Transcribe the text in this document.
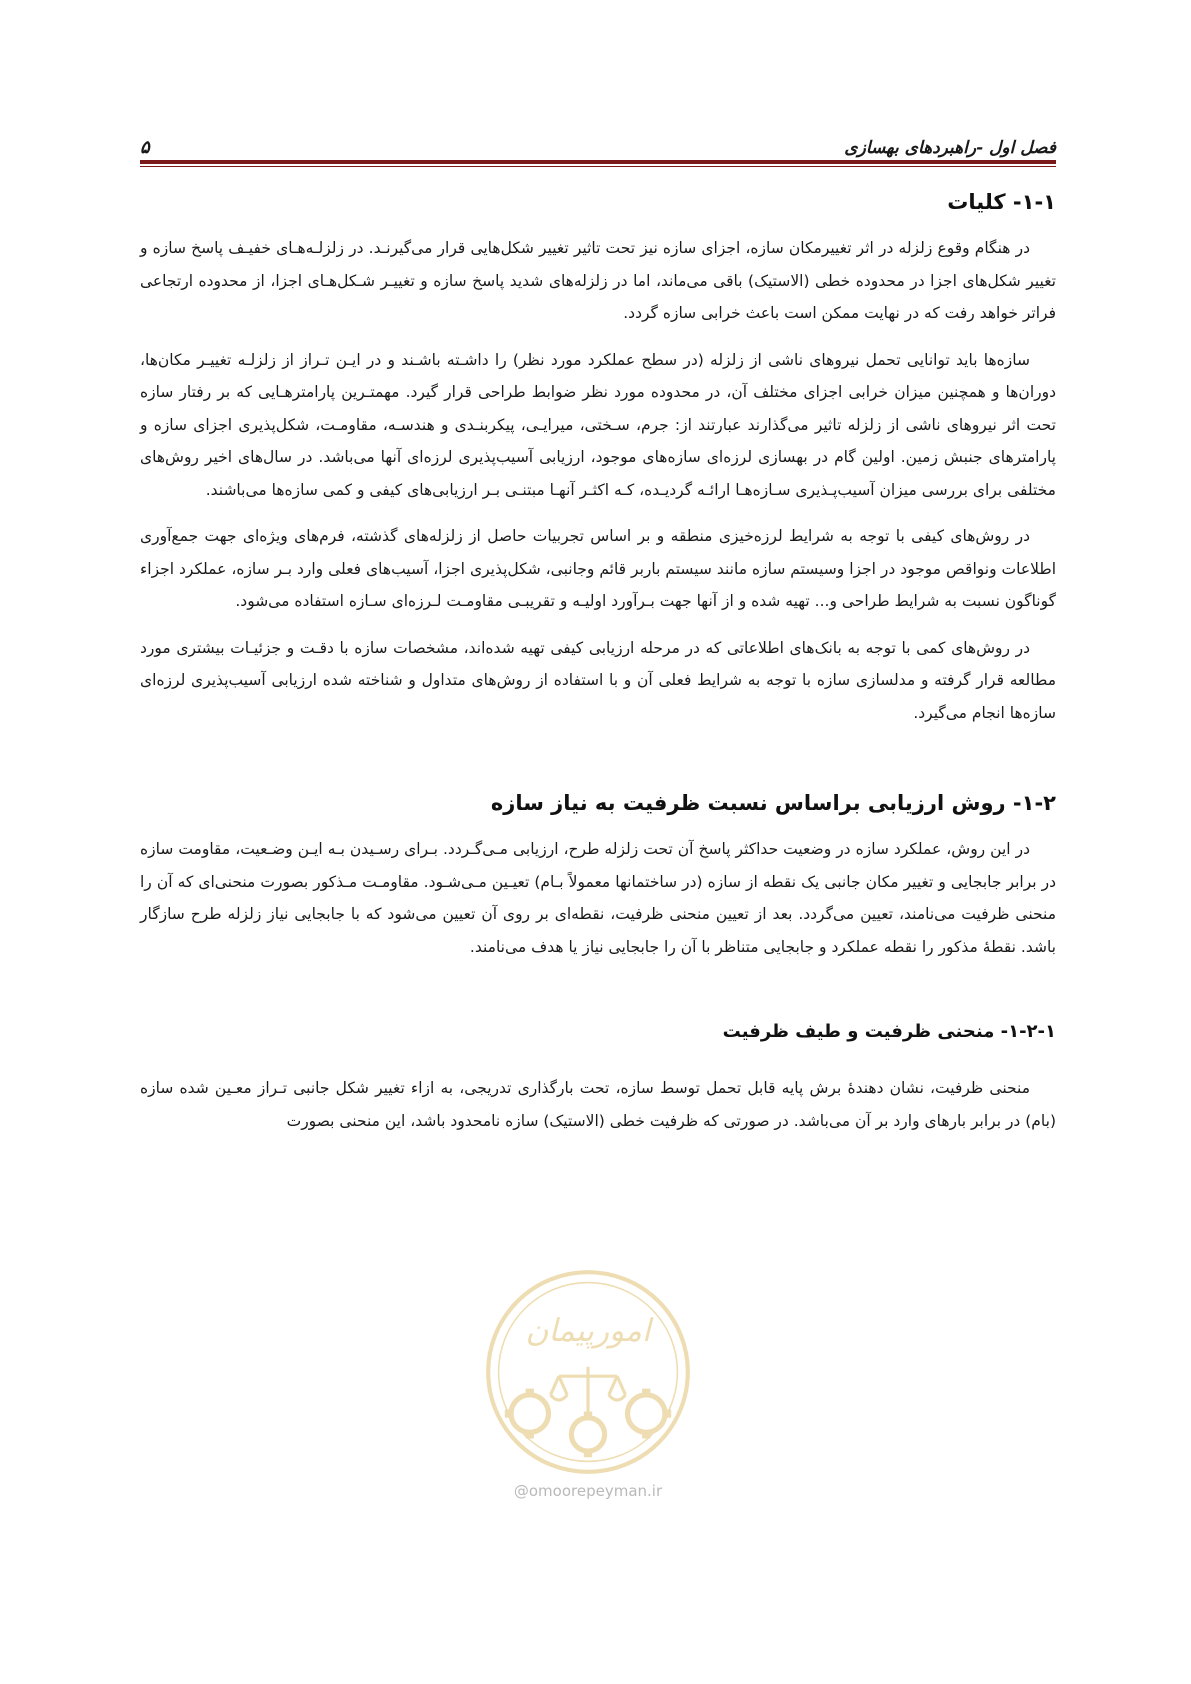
فصل اول -راهبردهای بهسازی
۵
۱-۱- کلیات

در هنگام وقوع زلزله در اثر تغییرمکان سازه، اجزای سازه نیز تحت تاثیر تغییر شکل‌هایی قرار می‌گیرنـد. در زلزلـه‌هـای خفیـف پاسخ سازه و تغییر شکل‌های اجزا در محدوده خطی (الاستیک) باقی می‌ماند، اما در زلزله‌های شدید پاسخ سازه و تغییـر شـکل‌هـای اجزا، از محدوده ارتجاعی فراتر خواهد رفت که در نهایت ممکن است باعث خرابی سازه گردد.

سازه‌ها باید توانایی تحمل نیروهای ناشی از زلزله (در سطح عملکرد مورد نظر) را داشـته باشـند و در ایـن تـراز از زلزلـه تغییـر مکان‌ها، دوران‌ها و همچنین میزان خرابی اجزای مختلف آن، در محدوده مورد نظر ضوابط طراحی قرار گیرد. مهمتـرین پارامترهـایی که بر رفتار سازه تحت اثر نیروهای ناشی از زلزله تاثیر می‌گذارند عبارتند از: جرم، سـختی، میرایـی، پیکربنـدی و هندسـه، مقاومـت، شکل‌پذیری اجزای سازه و پارامترهای جنبش زمین. اولین گام در بهسازی لرزه‌ای سازه‌های موجود، ارزیابی آسیب‌پذیری لرزه‌ای آنها می‌باشد. در سال‌های اخیر روش‌های مختلفی برای بررسی میزان آسیب‌پـذیری سـازه‌هـا ارائـه گردیـده، کـه اکثـر آنهـا مبتنـی بـر ارزیابی‌های کیفی و کمی سازه‌ها می‌باشند.

در روش‌های کیفی با توجه به شرایط لرزه‌خیزی منطقه و بر اساس تجربیات حاصل از زلزله‌های گذشته، فرم‌های ویژه‌ای جهت جمع‌آوری اطلاعات ونواقص موجود در اجزا وسیستم سازه مانند سیستم باربر قائم وجانبی، شکل‌پذیری اجزا، آسیب‌های فعلی وارد بـر سازه، عملکرد اجزاء گوناگون نسبت به شرایط طراحی و... تهیه شده و از آنها جهت بـرآورد اولیـه و تقریبـی مقاومـت لـرزه‌ای سـازه استفاده می‌شود.

در روش‌های کمی با توجه به بانک‌های اطلاعاتی که در مرحله ارزیابی کیفی تهیه شده‌اند، مشخصات سازه با دقـت و جزئیـات بیشتری مورد مطالعه قرار گرفته و مدلسازی سازه با توجه به شرایط فعلی آن و با استفاده از روش‌های متداول و شناخته شده ارزیابی آسیب‌پذیری لرزه‌ای سازه‌ها انجام می‌گیرد.

۱-۲- روش ارزیابی براساس نسبت ظرفیت به نیاز سازه

در این روش، عملکرد سازه در وضعیت حداکثر پاسخ آن تحت زلزله طرح، ارزیابی مـی‌گـردد. بـرای رسـیدن بـه ایـن وضـعیت، مقاومت سازه در برابر جابجایی و تغییر مکان جانبی یک نقطه از سازه (در ساختمانها معمولاً بـام) تعیـین مـی‌شـود. مقاومـت مـذکور بصورت منحنی‌ای که آن را منحنی ظرفیت می‌نامند، تعیین می‌گردد. بعد از تعیین منحنی ظرفیت، نقطه‌ای بر روی آن تعیین می‌شود که با جابجایی نیاز زلزله طرح سازگار باشد. نقطهٔ مذکور را نقطه عملکرد و جابجایی متناظر با آن را جابجایی نیاز یا هدف می‌نامند.

۱-۲-۱- منحنی ظرفیت و طیف ظرفیت

منحنی ظرفیت، نشان دهندهٔ برش پایه قابل تحمل توسط سازه، تحت بارگذاری تدریجی، به ازاء تغییر شکل جانبی تـراز معـین شده سازه (بام) در برابر بارهای وارد بر آن می‌باشد. در صورتی که ظرفیت خطی (الاستیک) سازه نامحدود باشد، این منحنی بصورت

امورپیمان
@omoorepeyman.ir
